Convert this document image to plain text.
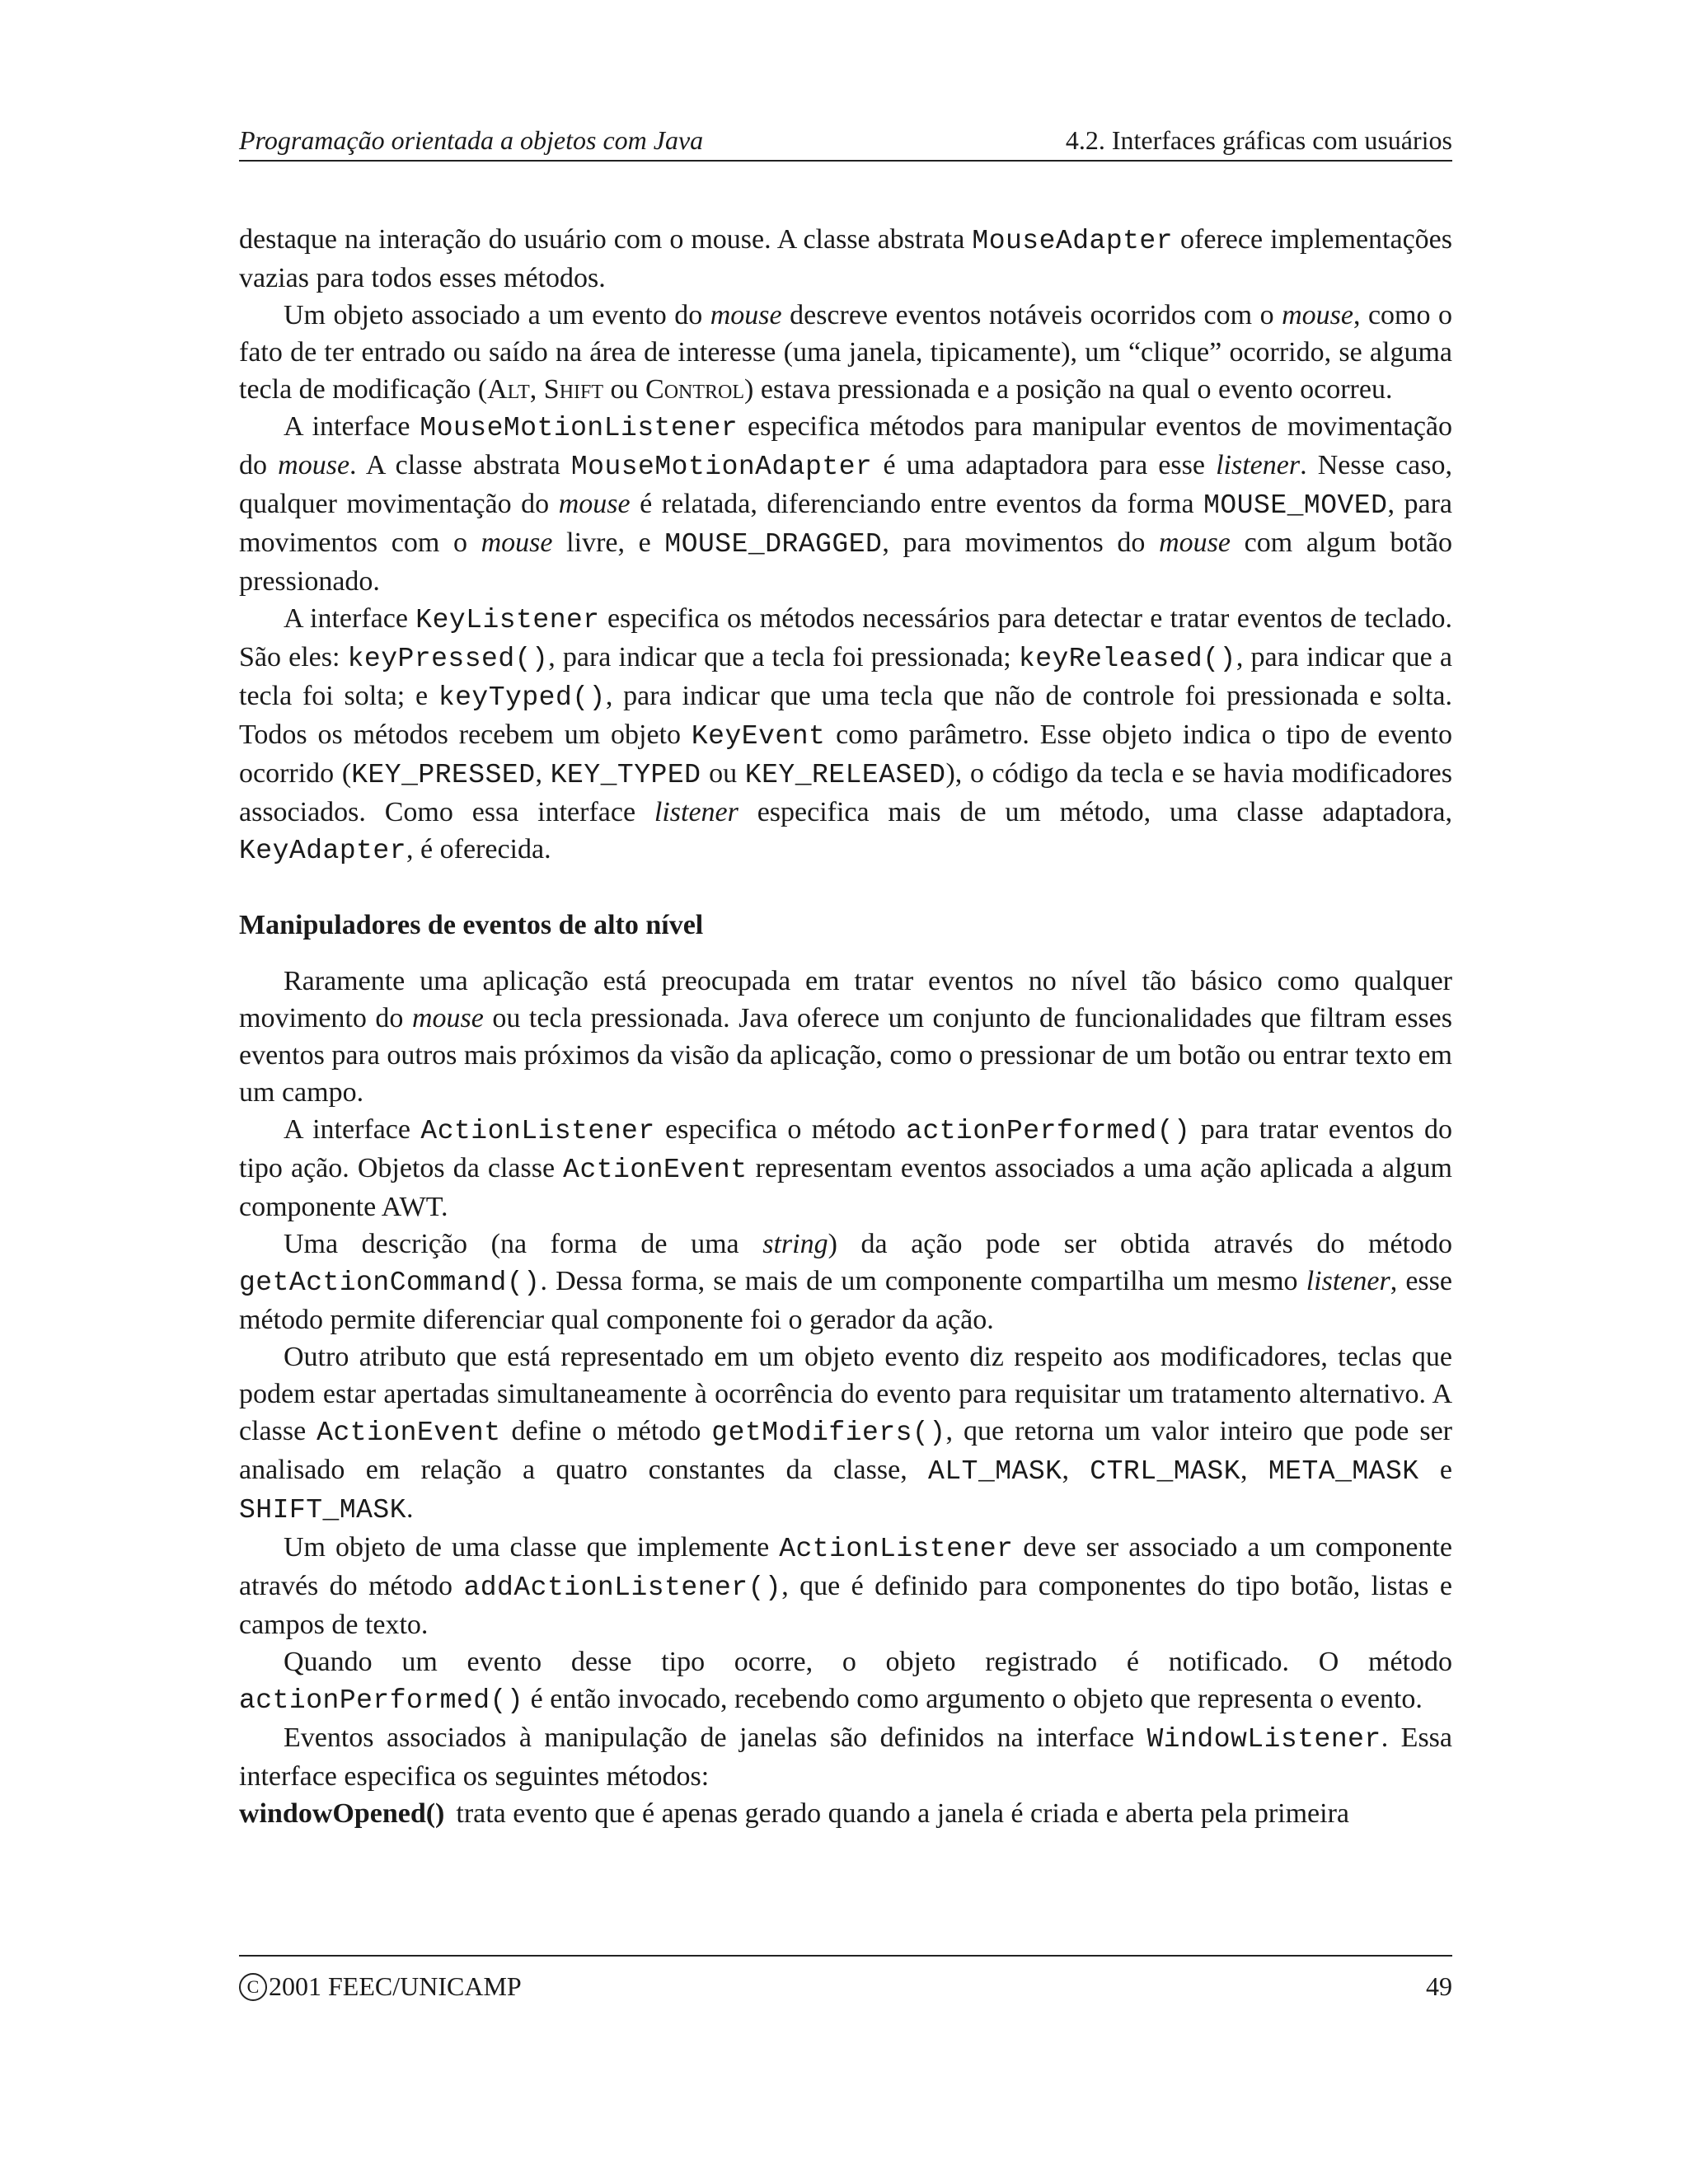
Programação orientada a objetos com Java	4.2. Interfaces gráficas com usuários

destaque na interação do usuário com o mouse. A classe abstrata MouseAdapter oferece implementações vazias para todos esses métodos.

Um objeto associado a um evento do mouse descreve eventos notáveis ocorridos com o mouse, como o fato de ter entrado ou saído na área de interesse (uma janela, tipicamente), um “clique” ocorrido, se alguma tecla de modificação (Alt, Shift ou Control) estava pressionada e a posição na qual o evento ocorreu.

A interface MouseMotionListener especifica métodos para manipular eventos de movimentação do mouse. A classe abstrata MouseMotionAdapter é uma adaptadora para esse listener. Nesse caso, qualquer movimentação do mouse é relatada, diferenciando entre eventos da forma MOUSE_MOVED, para movimentos com o mouse livre, e MOUSE_DRAGGED, para movimentos do mouse com algum botão pressionado.

A interface KeyListener especifica os métodos necessários para detectar e tratar eventos de teclado. São eles: keyPressed(), para indicar que a tecla foi pressionada; keyReleased(), para indicar que a tecla foi solta; e keyTyped(), para indicar que uma tecla que não de controle foi pressionada e solta. Todos os métodos recebem um objeto KeyEvent como parâmetro. Esse objeto indica o tipo de evento ocorrido (KEY_PRESSED, KEY_TYPED ou KEY_RELEASED), o código da tecla e se havia modificadores associados. Como essa interface listener especifica mais de um método, uma classe adaptadora, KeyAdapter, é oferecida.

Manipuladores de eventos de alto nível

Raramente uma aplicação está preocupada em tratar eventos no nível tão básico como qualquer movimento do mouse ou tecla pressionada. Java oferece um conjunto de funcionalidades que filtram esses eventos para outros mais próximos da visão da aplicação, como o pressionar de um botão ou entrar texto em um campo.

A interface ActionListener especifica o método actionPerformed() para tratar eventos do tipo ação. Objetos da classe ActionEvent representam eventos associados a uma ação aplicada a algum componente AWT.

Uma descrição (na forma de uma string) da ação pode ser obtida através do método getActionCommand(). Dessa forma, se mais de um componente compartilha um mesmo listener, esse método permite diferenciar qual componente foi o gerador da ação.

Outro atributo que está representado em um objeto evento diz respeito aos modificadores, teclas que podem estar apertadas simultaneamente à ocorrência do evento para requisitar um tratamento alternativo. A classe ActionEvent define o método getModifiers(), que retorna um valor inteiro que pode ser analisado em relação a quatro constantes da classe, ALT_MASK, CTRL_MASK, META_MASK e SHIFT_MASK.

Um objeto de uma classe que implemente ActionListener deve ser associado a um componente através do método addActionListener(), que é definido para componentes do tipo botão, listas e campos de texto.

Quando um evento desse tipo ocorre, o objeto registrado é notificado. O método actionPerformed() é então invocado, recebendo como argumento o objeto que representa o evento.

Eventos associados à manipulação de janelas são definidos na interface WindowListener. Essa interface especifica os seguintes métodos:

windowOpened() trata evento que é apenas gerado quando a janela é criada e aberta pela primeira

C 2001 FEEC/UNICAMP	49
